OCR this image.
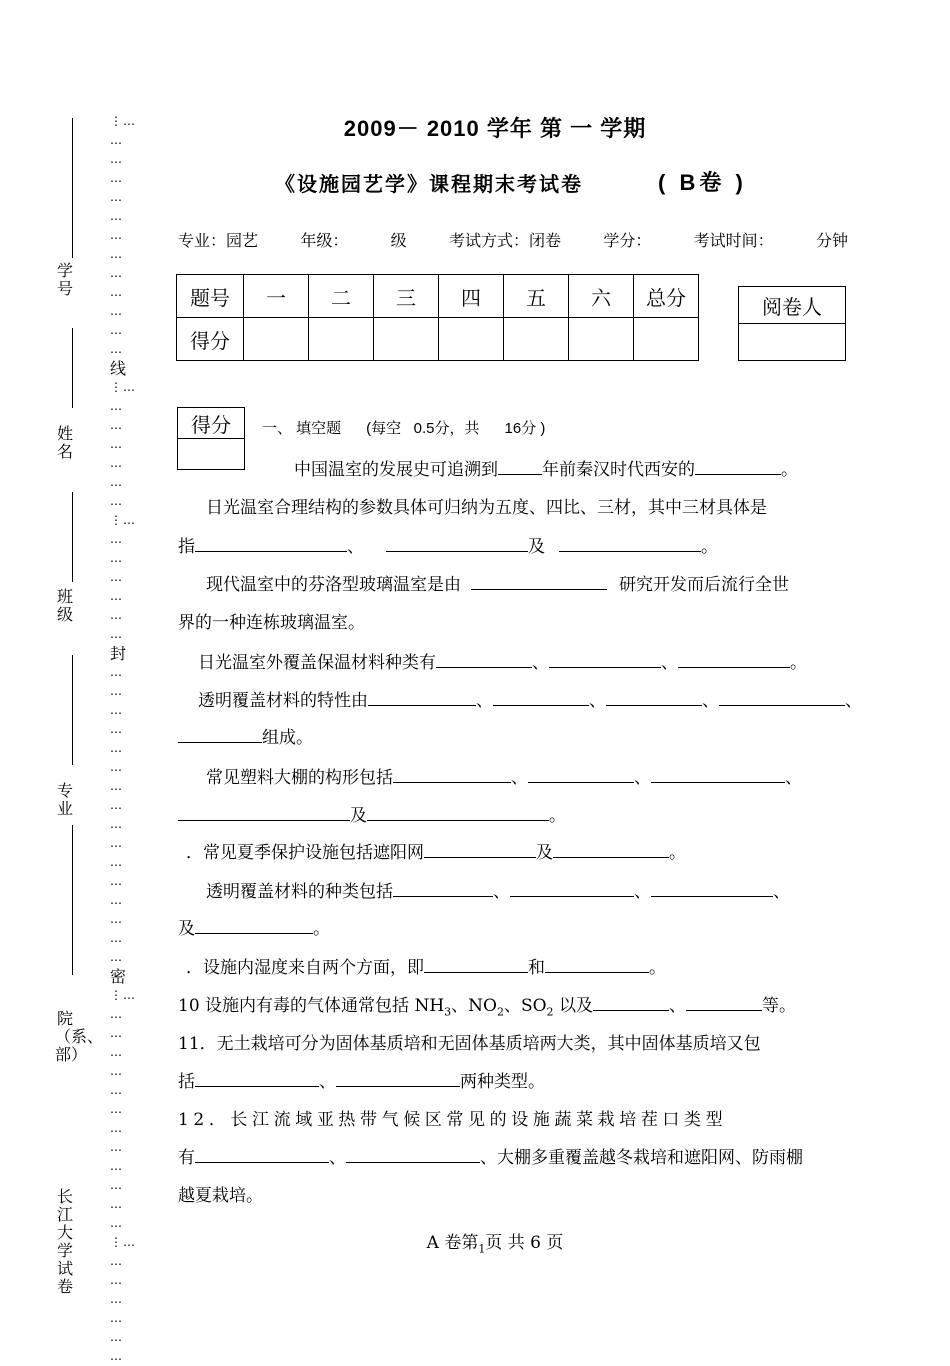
学号
姓名
班级
专业
院（系、部）
长江大学试卷
⋮…
…
…
…
…
…
…
…
…
…
…
…
…
线
⋮…
…
…
…
…
…
…
⋮…
…
…
…
…
…
…
封
…
…
…
…
…
…
…
…
…
…
…
…
…
…
…
…
密
⋮…
…
…
…
…
…
…
…
…
…
…
…
…
⋮…
…
…
…
…
…
…
2009－ 2010 学年 第 一 学期
《设施园艺学》课程期末考试卷	( B卷 )
专业：园艺	年级：	级	考试方式：闭卷	学分：	考试时间：	分钟
题号	一	二	三	四	五	六	总分
得分							
阅卷人

得分 一、 填空题      (每空   0.5分，共      16分 )
中国温室的发展史可追溯到	年前秦汉时代西安的	。
日光温室合理结构的参数具体可归纳为五度、四比、三材，其中三材具体是
指	、	及	。
现代温室中的芬洛型玻璃温室是由	研究开发而后流行全世
界的一种连栋玻璃温室。
日光温室外覆盖保温材料种类有	、	、	。
透明覆盖材料的特性由	、	、	、	、
组成。
常见塑料大棚的构形包括	、	、	、
及	。
．常见夏季保护设施包括遮阳网	及	。
透明覆盖材料的种类包括	、	、	、
及	。
．设施内湿度来自两个方面，即	和	。
10 设施内有毒的气体通常包括 $NH_3$、$NO_2$、$SO_2$ 以及	、	等。
11．无土栽培可分为固体基质培和无固体基质培两大类，其中固体基质培又包
括	、	两种类型。
12．长江流域亚热带气候区常见的设施蔬菜栽培茬口类型
有	、	、大棚多重覆盖越冬栽培和遮阳网、防雨棚
越夏栽培。
A 卷第$_1$页 共 6 页
